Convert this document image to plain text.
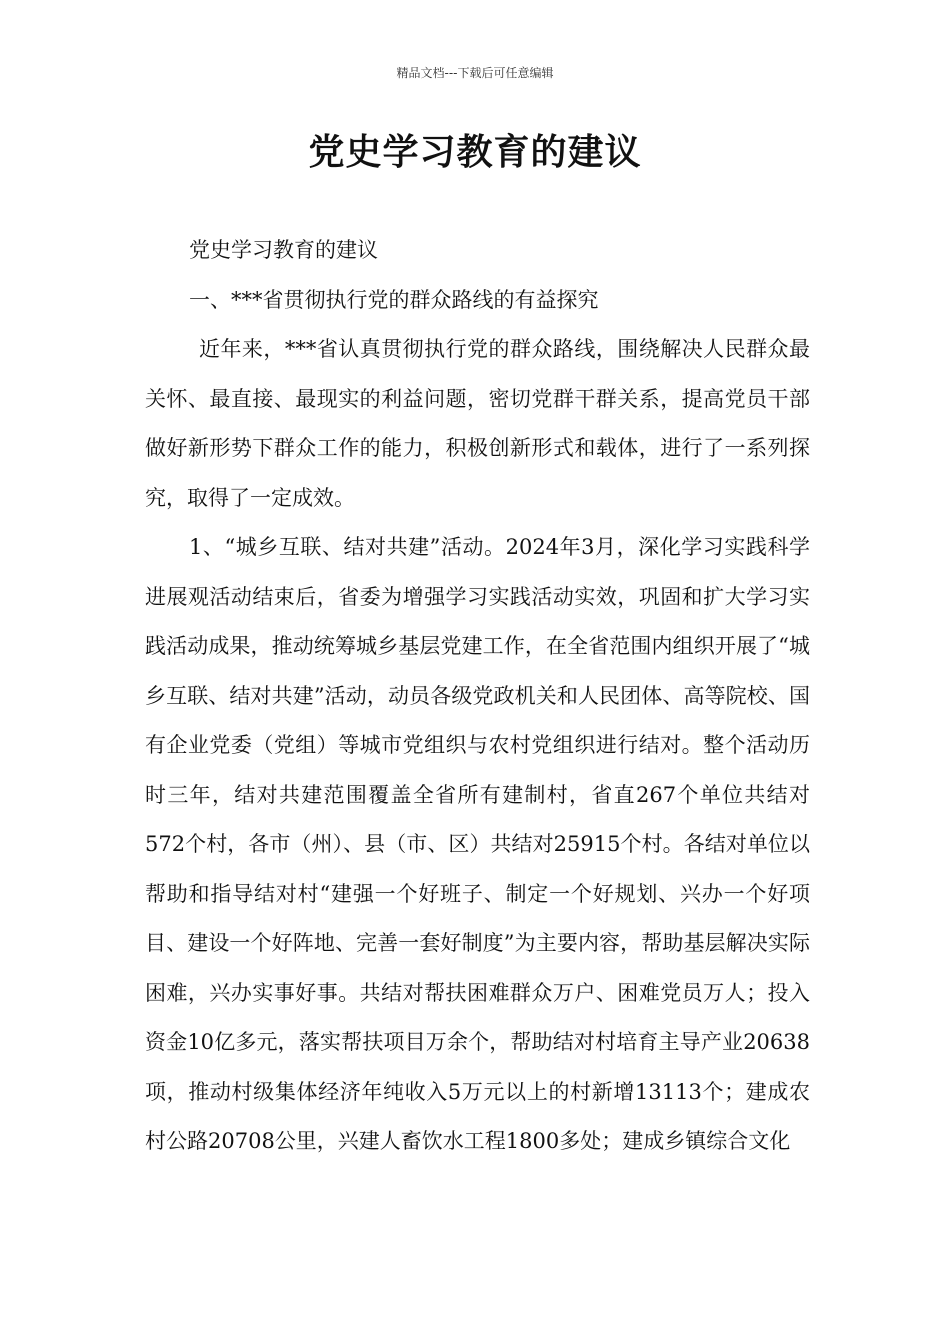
精品文档---下载后可任意编辑
党史学习教育的建议

党史学习教育的建议

一、***省贯彻执行党的群众路线的有益探究

近年来，***省认真贯彻执行党的群众路线，围绕解决人民群众最关怀、最直接、最现实的利益问题，密切党群干群关系，提高党员干部做好新形势下群众工作的能力，积极创新形式和载体，进行了一系列探究，取得了一定成效。

1、“城乡互联、结对共建”活动。2024年3月，深化学习实践科学进展观活动结束后，省委为增强学习实践活动实效，巩固和扩大学习实践活动成果，推动统筹城乡基层党建工作，在全省范围内组织开展了“城乡互联、结对共建”活动，动员各级党政机关和人民团体、高等院校、国有企业党委（党组）等城市党组织与农村党组织进行结对。整个活动历时三年，结对共建范围覆盖全省所有建制村，省直267个单位共结对572个村，各市（州）、县（市、区）共结对25915个村。各结对单位以帮助和指导结对村“建强一个好班子、制定一个好规划、兴办一个好项目、建设一个好阵地、完善一套好制度”为主要内容，帮助基层解决实际困难，兴办实事好事。共结对帮扶困难群众万户、困难党员万人；投入资金10亿多元，落实帮扶项目万余个，帮助结对村培育主导产业20638项，推动村级集体经济年纯收入5万元以上的村新增13113个；建成农村公路20708公里，兴建人畜饮水工程1800多处；建成乡镇综合文化
